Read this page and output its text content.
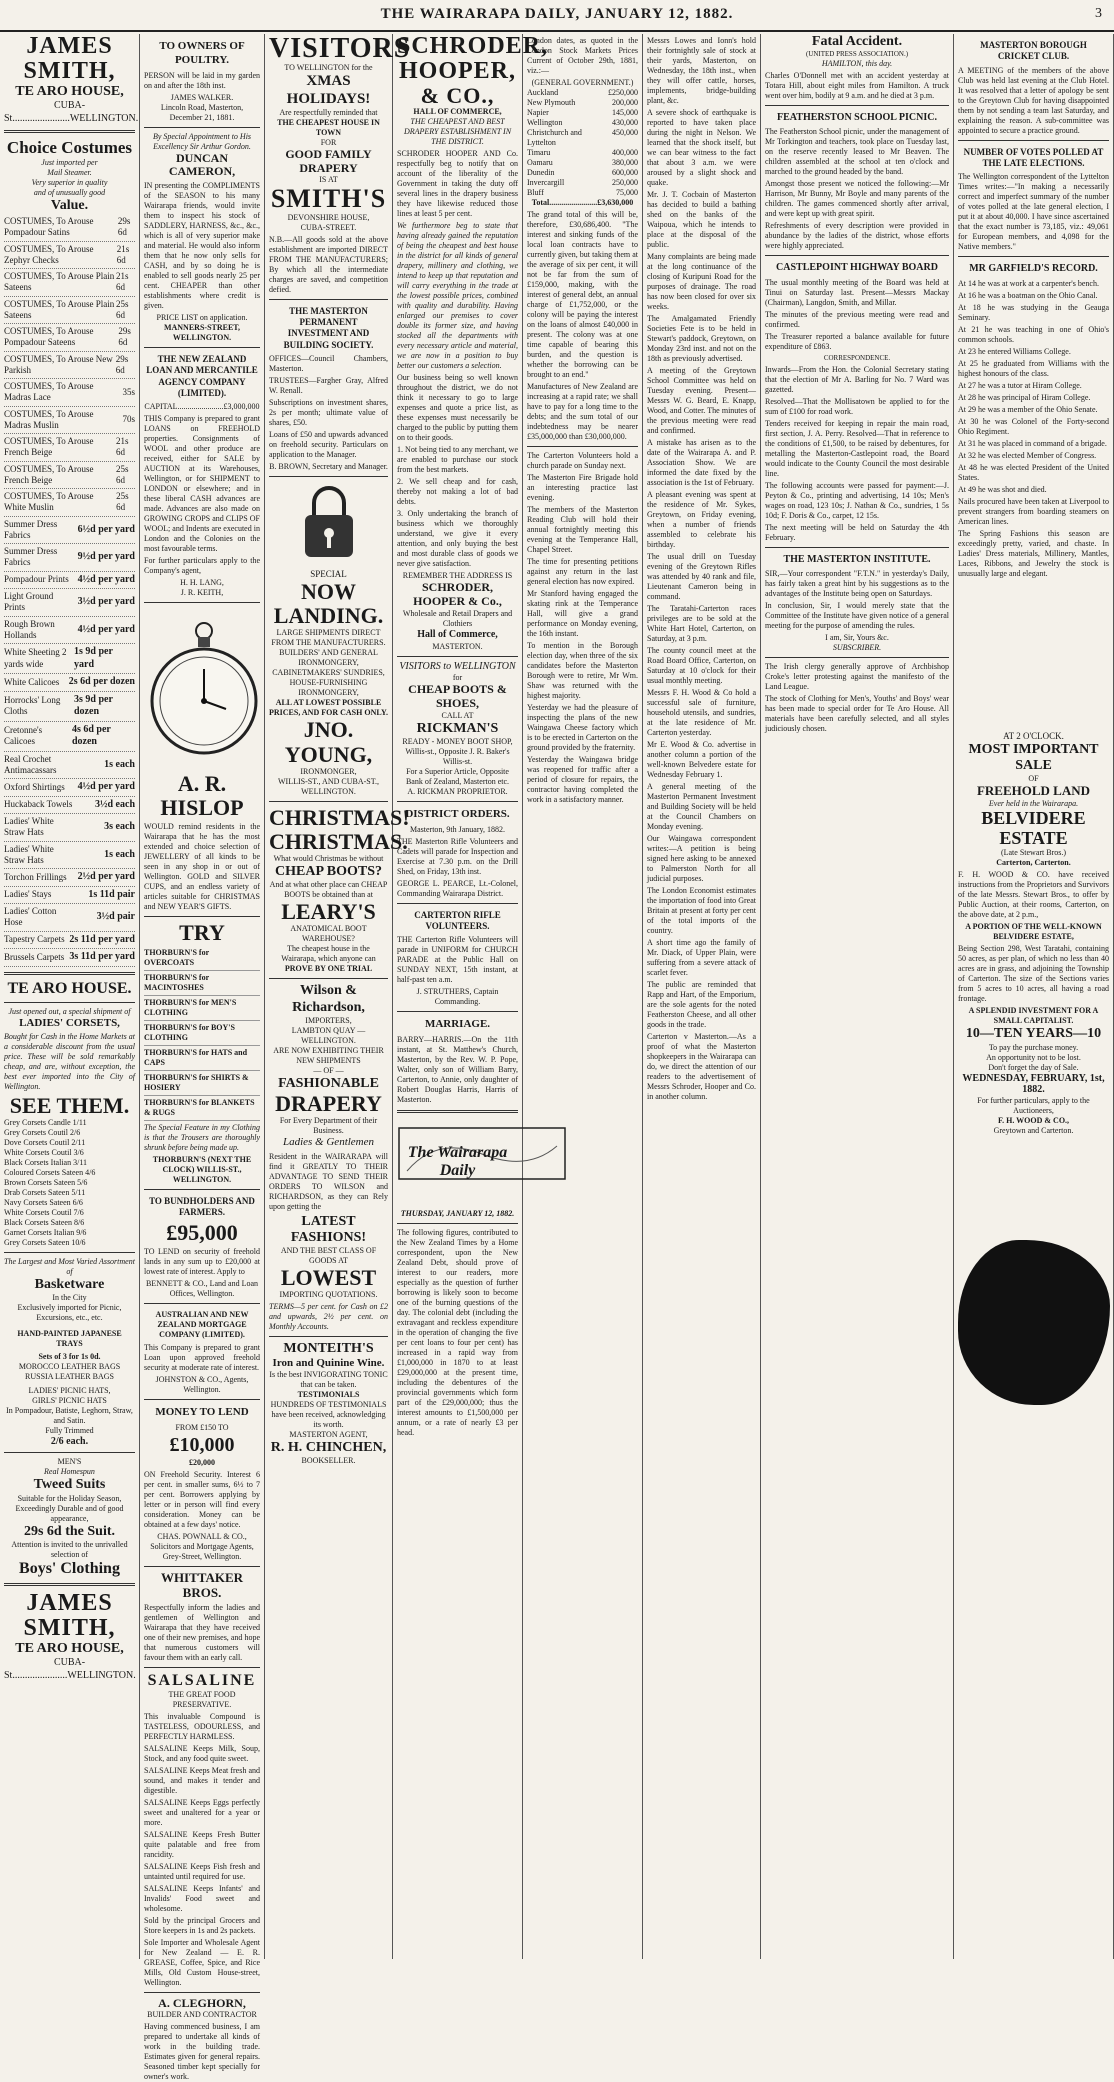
THE WAIRARAPA DAILY, JANUARY 12, 1882.	3
JAMES SMITH,
TE ARO HOUSE,
CUBA-St.......................WELLINGTON.
Choice Costumes
Just imported per
Mail Steamer.
Very superior in quality
and of unusually good
Value.
COSTUMES, To Arouse Pompadour Satins
29s 6d
COSTUMES, To Arouse Zephyr Checks
21s 6d
COSTUMES, To Arouse Plain Sateens
21s 6d
COSTUMES, To Arouse Plain Sateens
25s 6d
COSTUMES, To Arouse Pompadour Sateens
29s 6d
COSTUMES, To Arouse New Parkish
29s 6d
COSTUMES, To Arouse Madras Lace
35s
COSTUMES, To Arouse Madras Muslin
70s
COSTUMES, To Arouse French Beige
21s 6d
COSTUMES, To Arouse French Beige
25s 6d
COSTUMES, To Arouse White Muslin
25s 6d
Summer Dress Fabrics
6½d per yard
Summer Dress Fabrics
9½d per yard
Pompadour Prints 4½d per yard
Light Ground Prints
3½d per yard
Rough Brown Hollands
4½d per yard
White Sheeting 2 yards wide
1s 9d per yard
White Calicoes 2s 6d per dozen
Horrocks' Long Cloths
3s 9d per dozen
Cretonne's Calicoes
4s 6d per dozen
Real Crochet Antimacassars
1s each
Oxford Shirtings 4½d per yard
Huckaback Towels 3½d each
Ladies' White Straw Hats
3s each
Ladies' White Straw Hats
1s each
Torchon Frillings 2½d per yard
Ladies' Stays	1s 11d pair
Ladies' Cotton Hose
3½d pair
Tapestry Carpets 2s 11d per yard
Brussels Carpets 3s 11d per yard
TE ARO HOUSE.
Just opened out, a special shipment of
LADIES' CORSETS,
Bought for Cash in the Home Markets at a considerable discount from the usual price. These will be sold remarkably cheap, and are, without exception, the best ever imported into the City of Wellington.
SEE THEM.
Grey Corsets Candle 1/11
Grey Corsets Coutil 2/6
Dove Corsets Coutil 2/11
White Corsets Coutil 3/6
Black Corsets Italian 3/11
Coloured Corsets Sateen 4/6
Brown Corsets Sateen 5/6
Drab Corsets Sateen 5/11
Navy Corsets Sateen 6/6
White Corsets Coutil 7/6
Black Corsets Sateen 8/6
Garnet Corsets Italian 9/6
Grey Corsets Sateen 10/6
The Largest and Most Varied Assortment of
Basketware
In the City
Exclusively imported for Picnic, Excursions, etc., etc.
HAND-PAINTED JAPANESE TRAYS
Sets of 3 for 1s 0d.
MOROCCO LEATHER BAGS
RUSSIA LEATHER BAGS
LADIES' PICNIC HATS,
GIRLS' PICNIC HATS
In Pompadour, Batiste, Leghorn, Straw, and Satin.
Fully Trimmed
2/6 each.
MEN'S
Real Homespun
Tweed Suits
Suitable for the Holiday Season, Exceedingly Durable and of good appearance,
29s 6d the Suit.
Attention is invited to the unrivalled selection of
Boys' Clothing
JAMES SMITH,
TE ARO HOUSE,
CUBA-St......................WELLINGTON.
TO OWNERS OF POULTRY.
PERSON will be laid in my garden on and after the 18th inst.
JAMES WALKER.
Lincoln Road, Masterton,
December 21, 1881.
By Special Appointment to His Excellency Sir Arthur Gordon.
DUNCAN CAMERON,
IN presenting the COMPLIMENTS of the SEASON to his many Wairarapa friends, would invite them to inspect his stock of SADDLERY, HARNESS, &c., &c., which is all of very superior make and material. He would also inform them that he now only sells for CASH, and by so doing he is enabled to sell goods nearly 25 per cent. CHEAPER than other establishments where credit is given.
PRICE LIST on application.
MANNERS-STREET, WELLINGTON.
THE NEW ZEALAND LOAN AND MERCANTILE AGENCY COMPANY (LIMITED).
CAPITAL.......................£3,000,000
THIS Company is prepared to grant LOANS on FREEHOLD properties. Consignments of WOOL and other produce are received, either for SALE by AUCTION at its Warehouses, Wellington, or for SHIPMENT to LONDON or elsewhere; and in these liberal CASH advances are made. Advances are also made on GROWING CROPS and CLIPS OF WOOL; and Indents are executed in London and the Colonies on the most favourable terms.
For further particulars apply to the Company's agent,
H. H. LANG,
J. R. KEITH,
A. R. HISLOP
WOULD remind residents in the Wairarapa that he has the most extended and choice selection of JEWELLERY of all kinds to be seen in any shop in or out of Wellington. GOLD and SILVER CUPS, and an endless variety of articles suitable for CHRISTMAS and NEW YEAR'S GIFTS.
TRY
THORBURN'S for OVERCOATS
THORBURN'S for MACINTOSHES
THORBURN'S for MEN'S CLOTHING
THORBURN'S for BOY'S CLOTHING
THORBURN'S for HATS and CAPS
THORBURN'S for SHIRTS & HOSIERY
THORBURN'S for BLANKETS & RUGS
The Special Feature in my Clothing is that the Trousers are thoroughly shrunk before being made up.
THORBURN'S (NEXT THE CLOCK) WILLIS-ST., WELLINGTON.
TO BUNDHOLDERS AND FARMERS.
£95,000
TO LEND on security of freehold lands in any sum up to £20,000 at lowest rate of interest. Apply to
BENNETT & CO., Land and Loan Offices, Wellington.
AUSTRALIAN AND NEW ZEALAND MORTGAGE COMPANY (LIMITED).
This Company is prepared to grant Loan upon approved freehold security at moderate rate of interest.
JOHNSTON & CO., Agents, Wellington.
MONEY TO LEND
FROM £150 TO
£10,000
£20,000
ON Freehold Security. Interest 6 per cent. in smaller sums, 6½ to 7 per cent. Borrowers applying by letter or in person will find every consideration. Money can be obtained at a few days' notice.
CHAS. POWNALL & CO., Solicitors and Mortgage Agents, Grey-Street, Wellington.
WHITTAKER BROS.
Respectfully inform the ladies and gentlemen of Wellington and Wairarapa that they have received one of their new premises, and hope that numerous customers will favour them with an early call.
SALSALINE
THE GREAT FOOD PRESERVATIVE.
This invaluable Compound is TASTELESS, ODOURLESS, and PERFECTLY HARMLESS.
SALSALINE Keeps Milk, Soup, Stock, and any food quite sweet.
SALSALINE Keeps Meat fresh and sound, and makes it tender and digestible.
SALSALINE Keeps Eggs perfectly sweet and unaltered for a year or more.
SALSALINE Keeps Fresh Butter quite palatable and free from rancidity.
SALSALINE Keeps Fish fresh and untainted until required for use.
SALSALINE Keeps Infants' and Invalids' Food sweet and wholesome.
Sold by the principal Grocers and Store keepers in 1s and 2s packets.
Sole Importer and Wholesale Agent for New Zealand — E. R. GREASE, Coffee, Spice, and Rice Mills, Old Custom House-street, Wellington.
A. CLEGHORN,
BUILDER AND CONTRACTOR
Having commenced business, I am prepared to undertake all kinds of work in the building trade. Estimates given for general repairs. Seasoned timber kept specially for owner's work.
VISITORS
TO WELLINGTON for the
XMAS HOLIDAYS!
Are respectfully reminded that
THE CHEAPEST HOUSE IN TOWN
FOR
GOOD FAMILY DRAPERY
IS AT
SMITH'S
DEVONSHIRE HOUSE,
CUBA-STREET.
N.B.—All goods sold at the above establishment are imported DIRECT FROM THE MANUFACTURERS; By which all the intermediate charges are saved, and competition defied.
THE MASTERTON PERMANENT INVESTMENT AND BUILDING SOCIETY.
OFFICES—Council Chambers, Masterton.
TRUSTEES—Fargher Gray, Alfred W. Renall.
Subscriptions on investment shares, 2s per month; ultimate value of shares, £50.
Loans of £50 and upwards advanced on freehold security. Particulars on application to the Manager.
B. BROWN, Secretary and Manager.
SPECIAL
NOW LANDING.
LARGE SHIPMENTS DIRECT FROM THE MANUFACTURERS.
BUILDERS' AND GENERAL IRONMONGERY, CABINETMAKERS' SUNDRIES, HOUSE-FURNISHING IRONMONGERY,
ALL AT LOWEST POSSIBLE PRICES, AND FOR CASH ONLY.
JNO. YOUNG,
IRONMONGER,
WILLIS-ST., AND CUBA-ST., WELLINGTON.
CHRISTMAS!
CHRISTMAS.
What would Christmas be without
CHEAP BOOTS?
And at what other place can CHEAP BOOTS be obtained than at
LEARY'S
ANATOMICAL BOOT WAREHOUSE?
The cheapest house in the Wairarapa, which anyone can
PROVE BY ONE TRIAL
Wilson & Richardson,
IMPORTERS,
LAMBTON QUAY — WELLINGTON.
ARE NOW EXHIBITING THEIR NEW SHIPMENTS
— OF —
FASHIONABLE
DRAPERY
For Every Department of their Business.
Ladies & Gentlemen
Resident in the WAIRARAPA will find it GREATLY TO THEIR ADVANTAGE TO SEND THEIR ORDERS TO WILSON and RICHARDSON, as they can Rely upon getting the
LATEST FASHIONS!
AND THE BEST CLASS OF GOODS AT
LOWEST
IMPORTING QUOTATIONS.
TERMS—5 per cent. for Cash on £2 and upwards, 2½ per cent. on Monthly Accounts.
MONTEITH'S
Iron and Quinine Wine.
Is the best INVIGORATING TONIC that can be taken.
TESTIMONIALS
HUNDREDS OF TESTIMONIALS have been received, acknowledging its worth.
MASTERTON AGENT,
R. H. CHINCHEN,
BOOKSELLER.
SCHRODER,
HOOPER,
& CO.,
HALL OF COMMERCE,
THE CHEAPEST AND BEST DRAPERY ESTABLISHMENT IN THE DISTRICT.
SCHRODER HOOPER AND Co. respectfully beg to notify that on account of the liberality of the Government in taking the duty off several lines in the drapery business they have likewise reduced those lines at least 5 per cent.
We furthermore beg to state that having already gained the reputation of being the cheapest and best house in the district for all kinds of general drapery, millinery and clothing, we intend to keep up that reputation and will carry everything in the trade at the lowest possible prices, combined with quality and durability. Having enlarged our premises to cover double its former size, and having stocked all the departments with every necessary article and material, we are now in a position to buy better our customers a selection.
Our business being so well known throughout the district, we do not think it necessary to go to large expenses and quote a price list, as these expenses must necessarily be charged to the public by putting them on to their goods.
1. Not being tied to any merchant, we are enabled to purchase our stock from the best markets.
2. We sell cheap and for cash, thereby not making a lot of bad debts.
3. Only undertaking the branch of business which we thoroughly understand, we give it every attention, and only buying the best and most durable class of goods we never give satisfaction.
REMEMBER THE ADDRESS IS
SCHRODER, HOOPER & Co.,
Wholesale and Retail Drapers and Clothiers
Hall of Commerce,
MASTERTON.
VISITORS to WELLINGTON
for
CHEAP BOOTS & SHOES,
CALL AT
RICKMAN'S
READY - MONEY BOOT SHOP, Willis-st., Opposite J. R. Baker's Willis-st.
For a Superior Article, Opposite Bank of Zealand, Masterton etc.
A. RICKMAN PROPRIETOR.
DISTRICT ORDERS.
Masterton, 9th January, 1882.
THE Masterton Rifle Volunteers and Cadets will parade for Inspection and Exercise at 7.30 p.m. on the Drill Shed, on Friday, 13th inst.
GEORGE L. PEARCE, Lt.-Colonel, Commanding Wairarapa District.
CARTERTON RIFLE VOLUNTEERS.
THE Carterton Rifle Volunteers will parade in UNIFORM for CHURCH PARADE at the Public Hall on SUNDAY NEXT, 15th instant, at half-past ten a.m.
J. STRUTHERS, Captain Commanding.
MARRIAGE.
BARRY—HARRIS.—On the 11th instant, at St. Matthew's Church, Masterton, by the Rev. W. P. Pope, Walter, only son of William Barry, Carterton, to Annie, only daughter of Robert Douglas Harris, Harris of Masterton.
The Wairarapa Daily
THURSDAY, JANUARY 12, 1882.
The following figures, contributed to the New Zealand Times by a Home correspondent, upon the New Zealand Debt, should prove of interest to our readers, more especially as the question of further borrowing is likely soon to become one of the burning questions of the day. The colonial debt (including the extravagant and reckless expenditure in the operation of changing the five per cent loans to four per cent) has increased in a rapid way from £1,000,000 in 1870 to at least £29,000,000 at the present time, including the debentures of the provincial governments which form part of the £29,000,000; thus the interest amounts to £1,500,000 per annum, or a rate of nearly £3 per head.
London dates, as quoted in the London Stock Markets Prices Current of October 29th, 1881, viz.:—
(GENERAL GOVERNMENT.)
Auckland	£250,000
New Plymouth	200,000
Napier	145,000
Wellington	430,000
Christchurch and Lyttelton
450,000
Timaru	400,000
Oamaru	380,000
Dunedin	600,000
Invercargill	250,000
Bluff	75,000
Total........................£3,630,000
The grand total of this will be, therefore, £30,686,400. "The interest and sinking funds of the local loan contracts have to currently given, but taking them at the average of six per cent, it will not be far from the sum of £159,000, making, with the interest of general debt, an annual charge of £1,752,000, or the colony will be paying the interest on the loans of almost £40,000 in present. The colony was at one time capable of bearing this burden, and the question is whether the borrowing can be brought to an end."
Manufactures of New Zealand are increasing at a rapid rate; we shall have to pay for a long time to the debts; and the sum total of our indebtedness may be nearer £35,000,000 than £30,000,000.
The Carterton Volunteers hold a church parade on Sunday next.
The Masterton Fire Brigade hold an interesting practice last evening.
The members of the Masterton Reading Club will hold their annual fortnightly meeting this evening at the Temperance Hall, Chapel Street.
The time for presenting petitions against any return in the last general election has now expired.
Mr Stanford having engaged the skating rink at the Temperance Hall, will give a grand performance on Monday evening, the 16th instant.
To mention in the Borough election day, when three of the six candidates before the Masterton Borough were to retire, Mr Wm. Shaw was returned with the highest majority.
Yesterday we had the pleasure of inspecting the plans of the new Waingawa Cheese factory which is to be erected in Carterton on the ground provided by the fraternity.
Yesterday the Waingawa bridge was reopened for traffic after a period of closure for repairs, the contractor having completed the work in a satisfactory manner.
Messrs Lowes and Ionn's hold their fortnightly sale of stock at their yards, Masterton, on Wednesday, the 18th inst., when they will offer cattle, horses, implements, bridge-building plant, &c.
A severe shock of earthquake is reported to have taken place during the night in Nelson. We learned that the shock itself, but we can bear witness to the fact that about 3 a.m. we were aroused by a slight shock and quake.
Mr. J. T. Cocbain of Masterton has decided to build a bathing shed on the banks of the Waipoua, which he intends to place at the disposal of the public.
Many complaints are being made at the long continuance of the closing of Kuripuni Road for the purposes of drainage. The road has now been closed for over six weeks.
The Amalgamated Friendly Societies Fete is to be held in Stewart's paddock, Greytown, on Monday 23rd inst. and not on the 18th as previously advertised.
A meeting of the Greytown School Committee was held on Tuesday evening. Present—Messrs W. G. Beard, E. Knapp, Wood, and Cotter. The minutes of the previous meeting were read and confirmed.
A mistake has arisen as to the date of the Wairarapa A. and P. Association Show. We are informed the date fixed by the association is the 1st of February.
A pleasant evening was spent at the residence of Mr. Sykes, Greytown, on Friday evening, when a number of friends assembled to celebrate his birthday.
The usual drill on Tuesday evening of the Greytown Rifles was attended by 40 rank and file, Lieutenant Cameron being in command.
The Taratahi-Carterton races privileges are to be sold at the White Hart Hotel, Carterton, on Saturday, at 3 p.m.
The county council meet at the Road Board Office, Carterton, on Saturday at 10 o'clock for their usual monthly meeting.
Messrs F. H. Wood & Co hold a successful sale of furniture, household utensils, and sundries, at the late residence of Mr. Carterton yesterday.
Mr E. Wood & Co. advertise in another column a portion of the well-known Belvedere estate for Wednesday February 1.
A general meeting of the Masterton Permanent Investment and Building Society will be held at the Council Chambers on Monday evening.
Our Waingawa correspondent writes:—A petition is being signed here asking to be annexed to Palmerston North for all judicial purposes.
The London Economist estimates the importation of food into Great Britain at present at forty per cent of the total imports of the country.
A short time ago the family of Mr. Diack, of Upper Plain, were suffering from a severe attack of scarlet fever.
The public are reminded that Rapp and Hart, of the Emporium, are the sole agents for the noted Featherston Cheese, and all other goods in the trade.
Carterton v Masterton.—As a proof of what the Masterton shopkeepers in the Wairarapa can do, we direct the attention of our readers to the advertisement of Messrs Schroder, Hooper and Co. in another column.
Fatal Accident.
(UNITED PRESS ASSOCIATION.)
HAMILTON, this day.
Charles O'Donnell met with an accident yesterday at Totara Hill, about eight miles from Hamilton. A truck went over him, bodily at 9 a.m. and he died at 3 p.m.
FEATHERSTON SCHOOL PICNIC.
The Featherston School picnic, under the management of Mr Torkington and teachers, took place on Tuesday last, on the reserve recently leased to Mr Beaven. The children assembled at the school at ten o'clock and marched to the ground headed by the band.
Amongst those present we noticed the following:—Mr Harrison, Mr Bunny, Mr Boyle and many parents of the children. The games commenced shortly after arrival, and were kept up with great spirit.
Refreshments of every description were provided in abundance by the ladies of the district, whose efforts were highly appreciated.
CASTLEPOINT HIGHWAY BOARD
The usual monthly meeting of the Board was held at Tinui on Saturday last. Present—Messrs Mackay (Chairman), Langdon, Smith, and Millar.
The minutes of the previous meeting were read and confirmed.
The Treasurer reported a balance available for future expenditure of £863.
CORRESPONDENCE.
Inwards—From the Hon. the Colonial Secretary stating that the election of Mr A. Barling for No. 7 Ward was gazetted.
Resolved—That the Mollisatown be applied to for the sum of £100 for road work.
Tenders received for keeping in repair the main road, first section, J. A. Perry. Resolved—That in reference to the conditions of £1,500, to be raised by debentures, for metalling the Masterton-Castlepoint road, the Board would indicate to the County Council the most desirable line.
The following accounts were passed for payment:—J. Peyton & Co., printing and advertising, 14 10s; Men's wages on road, 123 10s; J. Nathan & Co., sundries, 1 5s 10d; F. Doris & Co., carpet, 12 15s.
The next meeting will be held on Saturday the 4th February.
THE MASTERTON INSTITUTE.
SIR,—Your correspondent "F.T.N." in yesterday's Daily, has fairly taken a great hint by his suggestions as to the advantages of the Institute being open on Saturdays.
In conclusion, Sir, I would merely state that the Committee of the Institute have given notice of a general meeting for the purpose of amending the rules.
I am, Sir, Yours &c.
SUBSCRIBER.
The Irish clergy generally approve of Archbishop Croke's letter protesting against the manifesto of the Land League.
The stock of Clothing for Men's, Youths' and Boys' wear has been made to special order for Te Aro House. All materials have been carefully selected, and all styles judiciously chosen.
MASTERTON BOROUGH CRICKET CLUB.
A MEETING of the members of the above Club was held last evening at the Club Hotel. It was resolved that a letter of apology be sent to the Greytown Club for having disappointed them by not sending a team last Saturday, and explaining the reason. A sub-committee was appointed to secure a practice ground.
NUMBER OF VOTES POLLED AT THE LATE ELECTIONS.
The Wellington correspondent of the Lyttelton Times writes:—"In making a necessarily correct and imperfect summary of the number of votes polled at the late general election, I put it at about 40,000. I have since ascertained that the exact number is 73,185, viz.: 49,061 for European members, and 4,098 for the Native members."
MR GARFIELD'S RECORD.
At 14 he was at work at a carpenter's bench.
At 16 he was a boatman on the Ohio Canal.
At 18 he was studying in the Geauga Seminary.
At 21 he was teaching in one of Ohio's common schools.
At 23 he entered Williams College.
At 25 he graduated from Williams with the highest honours of the class.
At 27 he was a tutor at Hiram College.
At 28 he was principal of Hiram College.
At 29 he was a member of the Ohio Senate.
At 30 he was Colonel of the Forty-second Ohio Regiment.
At 31 he was placed in command of a brigade.
At 32 he was elected Member of Congress.
At 48 he was elected President of the United States.
At 49 he was shot and died.
Nails procured have been taken at Liverpool to prevent strangers from boarding steamers on American lines.
The Spring Fashions this season are exceedingly pretty, varied, and chaste. In Ladies' Dress materials, Millinery, Mantles, Laces, Ribbons, and Jewelry the stock is unusually large and elegant.
AT 2 O'CLOCK.
MOST IMPORTANT SALE
OF
FREEHOLD LAND
Ever held in the Wairarapa.
BELVIDERE ESTATE
(Late Stewart Bros.)
Carterton, Carterton.
F. H. WOOD & CO. have received instructions from the Proprietors and Survivors of the late Messrs. Stewart Bros., to offer by Public Auction, at their rooms, Carterton, on the above date, at 2 p.m.,
A PORTION OF THE WELL-KNOWN BELVIDERE ESTATE,
Being Section 298, West Taratahi, containing 50 acres, as per plan, of which no less than 40 acres are in grass, and adjoining the Township of Carterton. The size of the Sections varies from 5 acres to 10 acres, all having a road frontage.
A SPLENDID INVESTMENT FOR A SMALL CAPITALIST.
10—TEN YEARS—10
To pay the purchase money.
An opportunity not to be lost.
Don't forget the day of Sale.
WEDNESDAY, FEBRUARY, 1st, 1882.
For further particulars, apply to the Auctioneers,
F. H. WOOD & CO.,
Greytown and Carterton.
